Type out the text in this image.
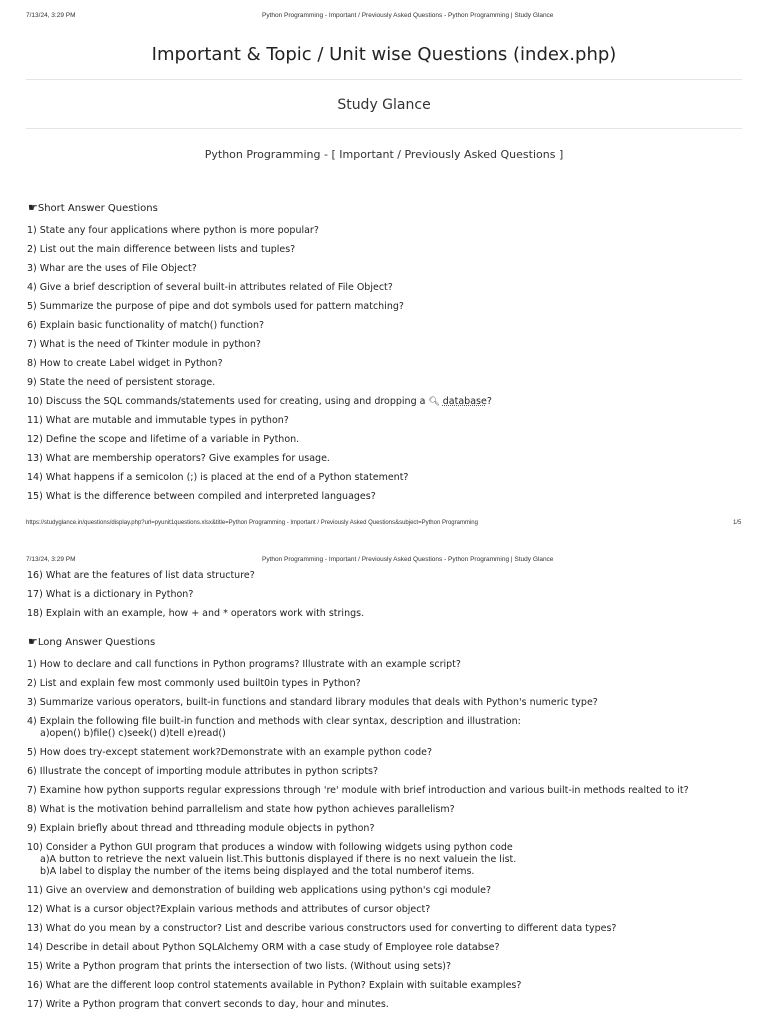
7/13/24, 3:29 PM	Python Programming - Important / Previously Asked Questions - Python Programming | Study Glance
Important & Topic / Unit wise Questions (index.php)
Study Glance
Python Programming - [ Important / Previously Asked Questions ]
☛Short Answer Questions
1) State any four applications where python is more popular?
2) List out the main difference between lists and tuples?
3) Whar are the uses of File Object?
4) Give a brief description of several built-in attributes related of File Object?
5) Summarize the purpose of pipe and dot symbols used for pattern matching?
6) Explain basic functionality of match() function?
7) What is the need of Tkinter module in python?
8) How to create Label widget in Python?
9) State the need of persistent storage.
10) Discuss the SQL commands/statements used for creating, using and dropping a 🔍︎ database?
11) What are mutable and immutable types in python?
12) Define the scope and lifetime of a variable in Python.
13) What are membership operators? Give examples for usage.
14) What happens if a semicolon (;) is placed at the end of a Python statement?
15) What is the difference between compiled and interpreted languages?
https://studyglance.in/questions/display.php?url=pyunit1questions.xlsx&title=Python Programming - Important / Previously Asked Questions&subject=Python Programming	1/5
7/13/24, 3:29 PM	Python Programming - Important / Previously Asked Questions - Python Programming | Study Glance
16) What are the features of list data structure?
17) What is a dictionary in Python?
18) Explain with an example, how + and * operators work with strings.
☛Long Answer Questions
1) How to declare and call functions in Python programs? Illustrate with an example script?
2) List and explain few most commonly used built0in types in Python?
3) Summarize various operators, built-in functions and standard library modules that deals with Python's numeric type?
4) Explain the following file built-in function and methods with clear syntax, description and illustration:
a)open() b)file() c)seek() d)tell e)read()
5) How does try-except statement work?Demonstrate with an example python code?
6) Illustrate the concept of importing module attributes in python scripts?
7) Examine how python supports regular expressions through 're' module with brief introduction and various built-in methods realted to it?
8) What is the motivation behind parrallelism and state how python achieves parallelism?
9) Explain briefly about thread and tthreading module objects in python?
10) Consider a Python GUI program that produces a window with following widgets using python code
a)A button to retrieve the next valuein list.This buttonis displayed if there is no next valuein the list.
b)A label to display the number of the items being displayed and the total numberof items.
11) Give an overview and demonstration of building web applications using python's cgi module?
12) What is a cursor object?Explain various methods and attributes of cursor object?
13) What do you mean by a constructor? List and describe various constructors used for converting to different data types?
14) Describe in detail about Python SQLAlchemy ORM with a case study of Employee role databse?
15) Write a Python program that prints the intersection of two lists. (Without using sets)?
16) What are the different loop control statements available in Python? Explain with suitable examples?
17) Write a Python program that convert seconds to day, hour and minutes.
